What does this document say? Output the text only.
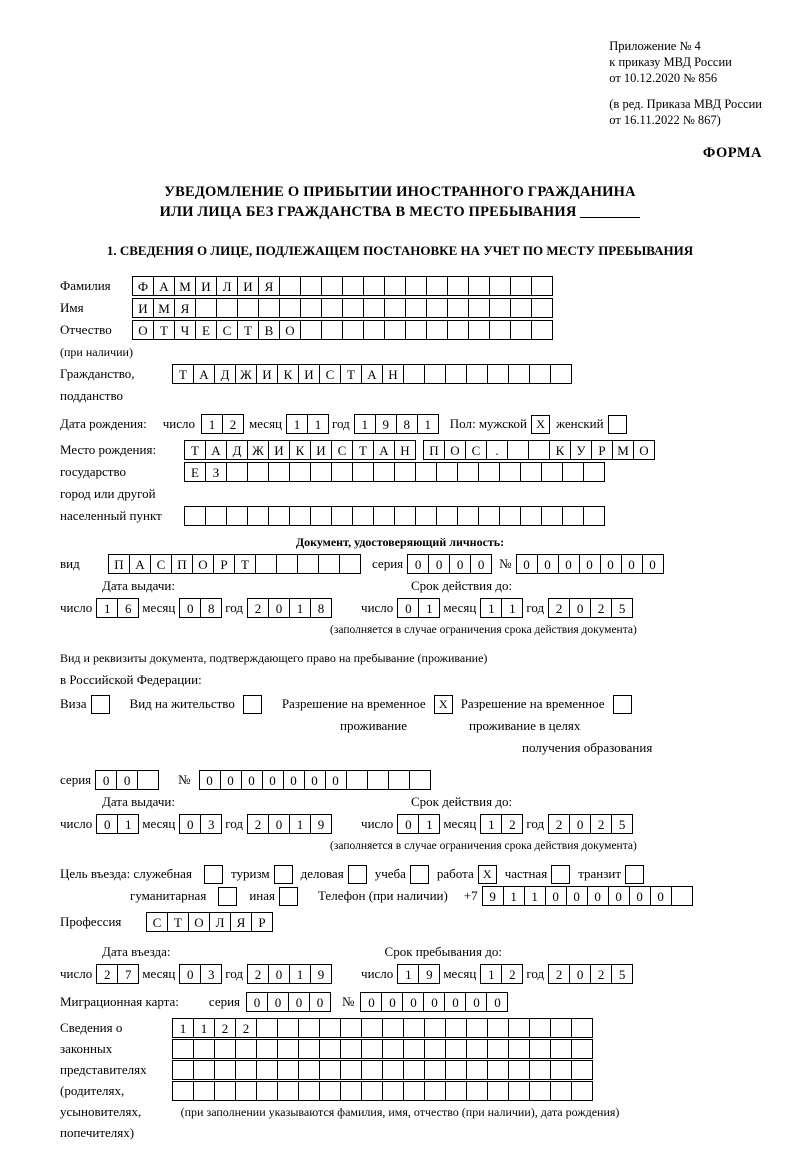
Приложение № 4
к приказу МВД России
от 10.12.2020 № 856
(в ред. Приказа МВД России
от 16.11.2022 № 867)
ФОРМА
УВЕДОМЛЕНИЕ О ПРИБЫТИИ ИНОСТРАННОГО ГРАЖДАНИНА
ИЛИ ЛИЦА БЕЗ ГРАЖДАНСТВА В МЕСТО ПРЕБЫВАНИЯ
1. СВЕДЕНИЯ О ЛИЦЕ, ПОДЛЕЖАЩЕМ ПОСТАНОВКЕ НА УЧЕТ ПО МЕСТУ ПРЕБЫВАНИЯ
Фамилия	Ф А М И Л И Я
Имя	И М Я
Отчество	О Т Ч Е С Т В О
(при наличии)
Гражданство,	Т А Д Ж И К И С Т А Н
подданство
Дата рождения: число	1	2 месяц 1	1 год 1	9	8	1	Пол: мужской X женский
Место рождения:	Т А Д Ж И К И С Т А Н	П О С	.

	К У Р М О
государство	Е	З
город или другой
населенный пункт
Документ, удостоверяющий личность:
вид	П А С П О Р	Т	серия 0	0	0	0	№ 0	0	0	0	0	0	0
Дата выдачи:	Срок действия до:
число 1	6 месяц 0	8 год 2	0	1	8	число 0	1 месяц 1	1 год 2	0	2	5
(заполняется в случае ограничения срока действия документа)
Вид и реквизиты документа, подтверждающего право на пребывание (проживание)
в Российской Федерации:
Виза	Вид на жительство	Разрешение на временное	X	Разрешение на временное
проживание	проживание в целях
получения образования
серия 0	0	№	0	0	0	0	0	0	0
Дата выдачи:	Срок действия до:
число 0	1 месяц 0	3 год 2	0	1	9	число 0	1 месяц 1	2 год 2	0	2	5
(заполняется в случае ограничения срока действия документа)
Цель въезда: служебная	туризм деловая учеба работа X	частная транзит
гуманитарная	иная	Телефон (при наличии) +7 9	1	1	0	0	0	0	0	0

Профессия	С Т О Л Я	Р
Дата въезда:	Срок пребывания до:
число 2	7 месяц 0	3 год 2	0	1	9	число 1	9 месяц 1	2 год 2	0	2	5
Миграционная карта: серия	0	0	0	0	№	0	0	0	0	0	0	0
Сведения о	1	1	2	2
законных
представителях
(родителях,
усыновителях,
попечителях)
(при заполнении указываются фамилия, имя, отчество (при наличии), дата рождения)
